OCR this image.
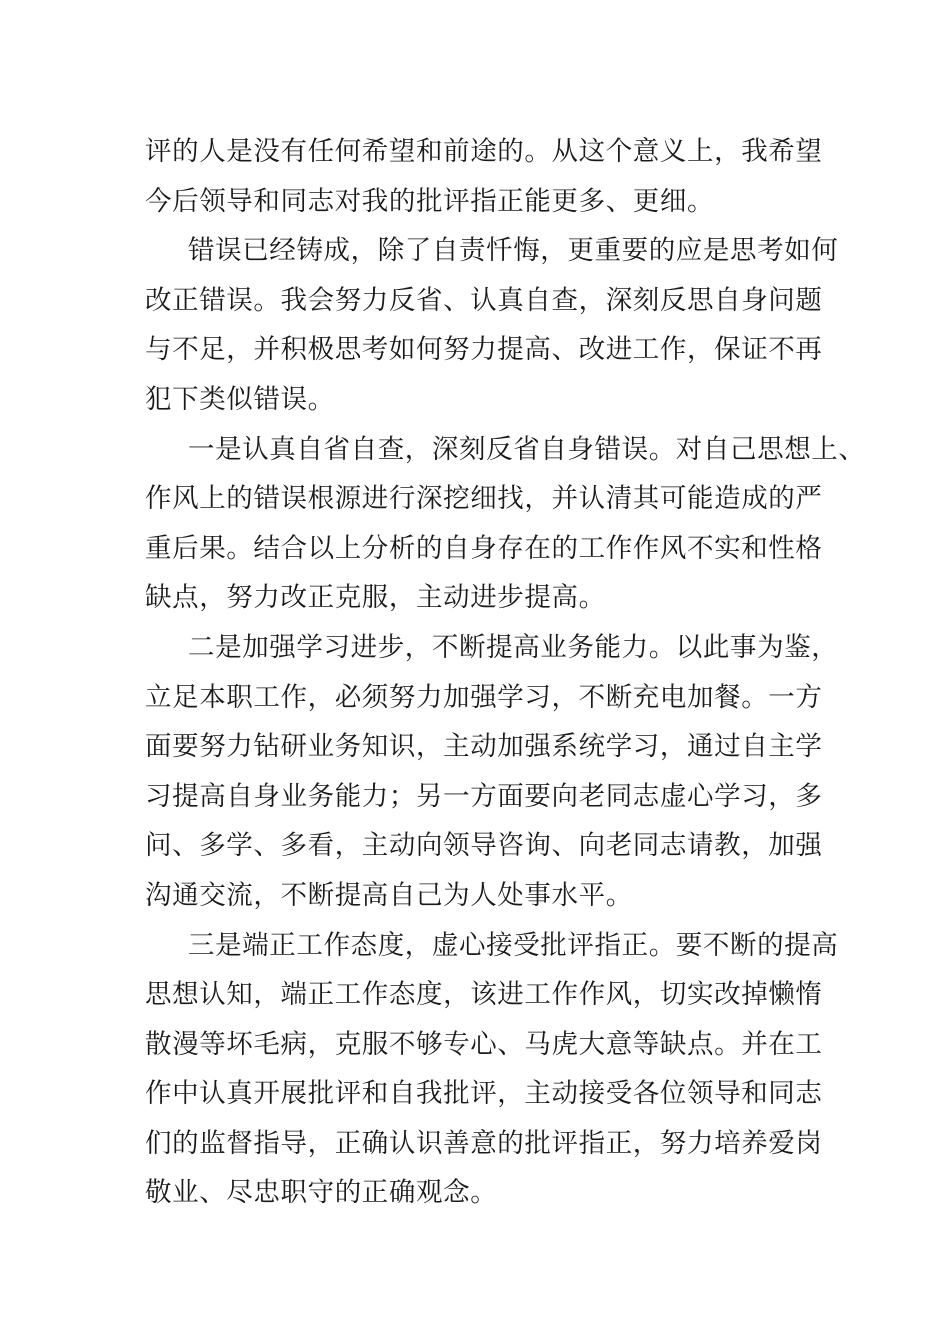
评的人是没有任何希望和前途的。从这个意义上，我希望
今后领导和同志对我的批评指正能更多、更细。
错误已经铸成，除了自责忏悔，更重要的应是思考如何
改正错误。我会努力反省、认真自查，深刻反思自身问题
与不足，并积极思考如何努力提高、改进工作，保证不再
犯下类似错误。
一是认真自省自查，深刻反省自身错误。对自己思想上、
作风上的错误根源进行深挖细找，并认清其可能造成的严
重后果。结合以上分析的自身存在的工作作风不实和性格
缺点，努力改正克服，主动进步提高。
二是加强学习进步，不断提高业务能力。以此事为鉴，
立足本职工作，必须努力加强学习，不断充电加餐。一方
面要努力钻研业务知识，主动加强系统学习，通过自主学
习提高自身业务能力；另一方面要向老同志虚心学习，多
问、多学、多看，主动向领导咨询、向老同志请教，加强
沟通交流，不断提高自己为人处事水平。
三是端正工作态度，虚心接受批评指正。要不断的提高
思想认知，端正工作态度，该进工作作风，切实改掉懒惰
散漫等坏毛病，克服不够专心、马虎大意等缺点。并在工
作中认真开展批评和自我批评，主动接受各位领导和同志
们的监督指导，正确认识善意的批评指正，努力培养爱岗
敬业、尽忠职守的正确观念。
